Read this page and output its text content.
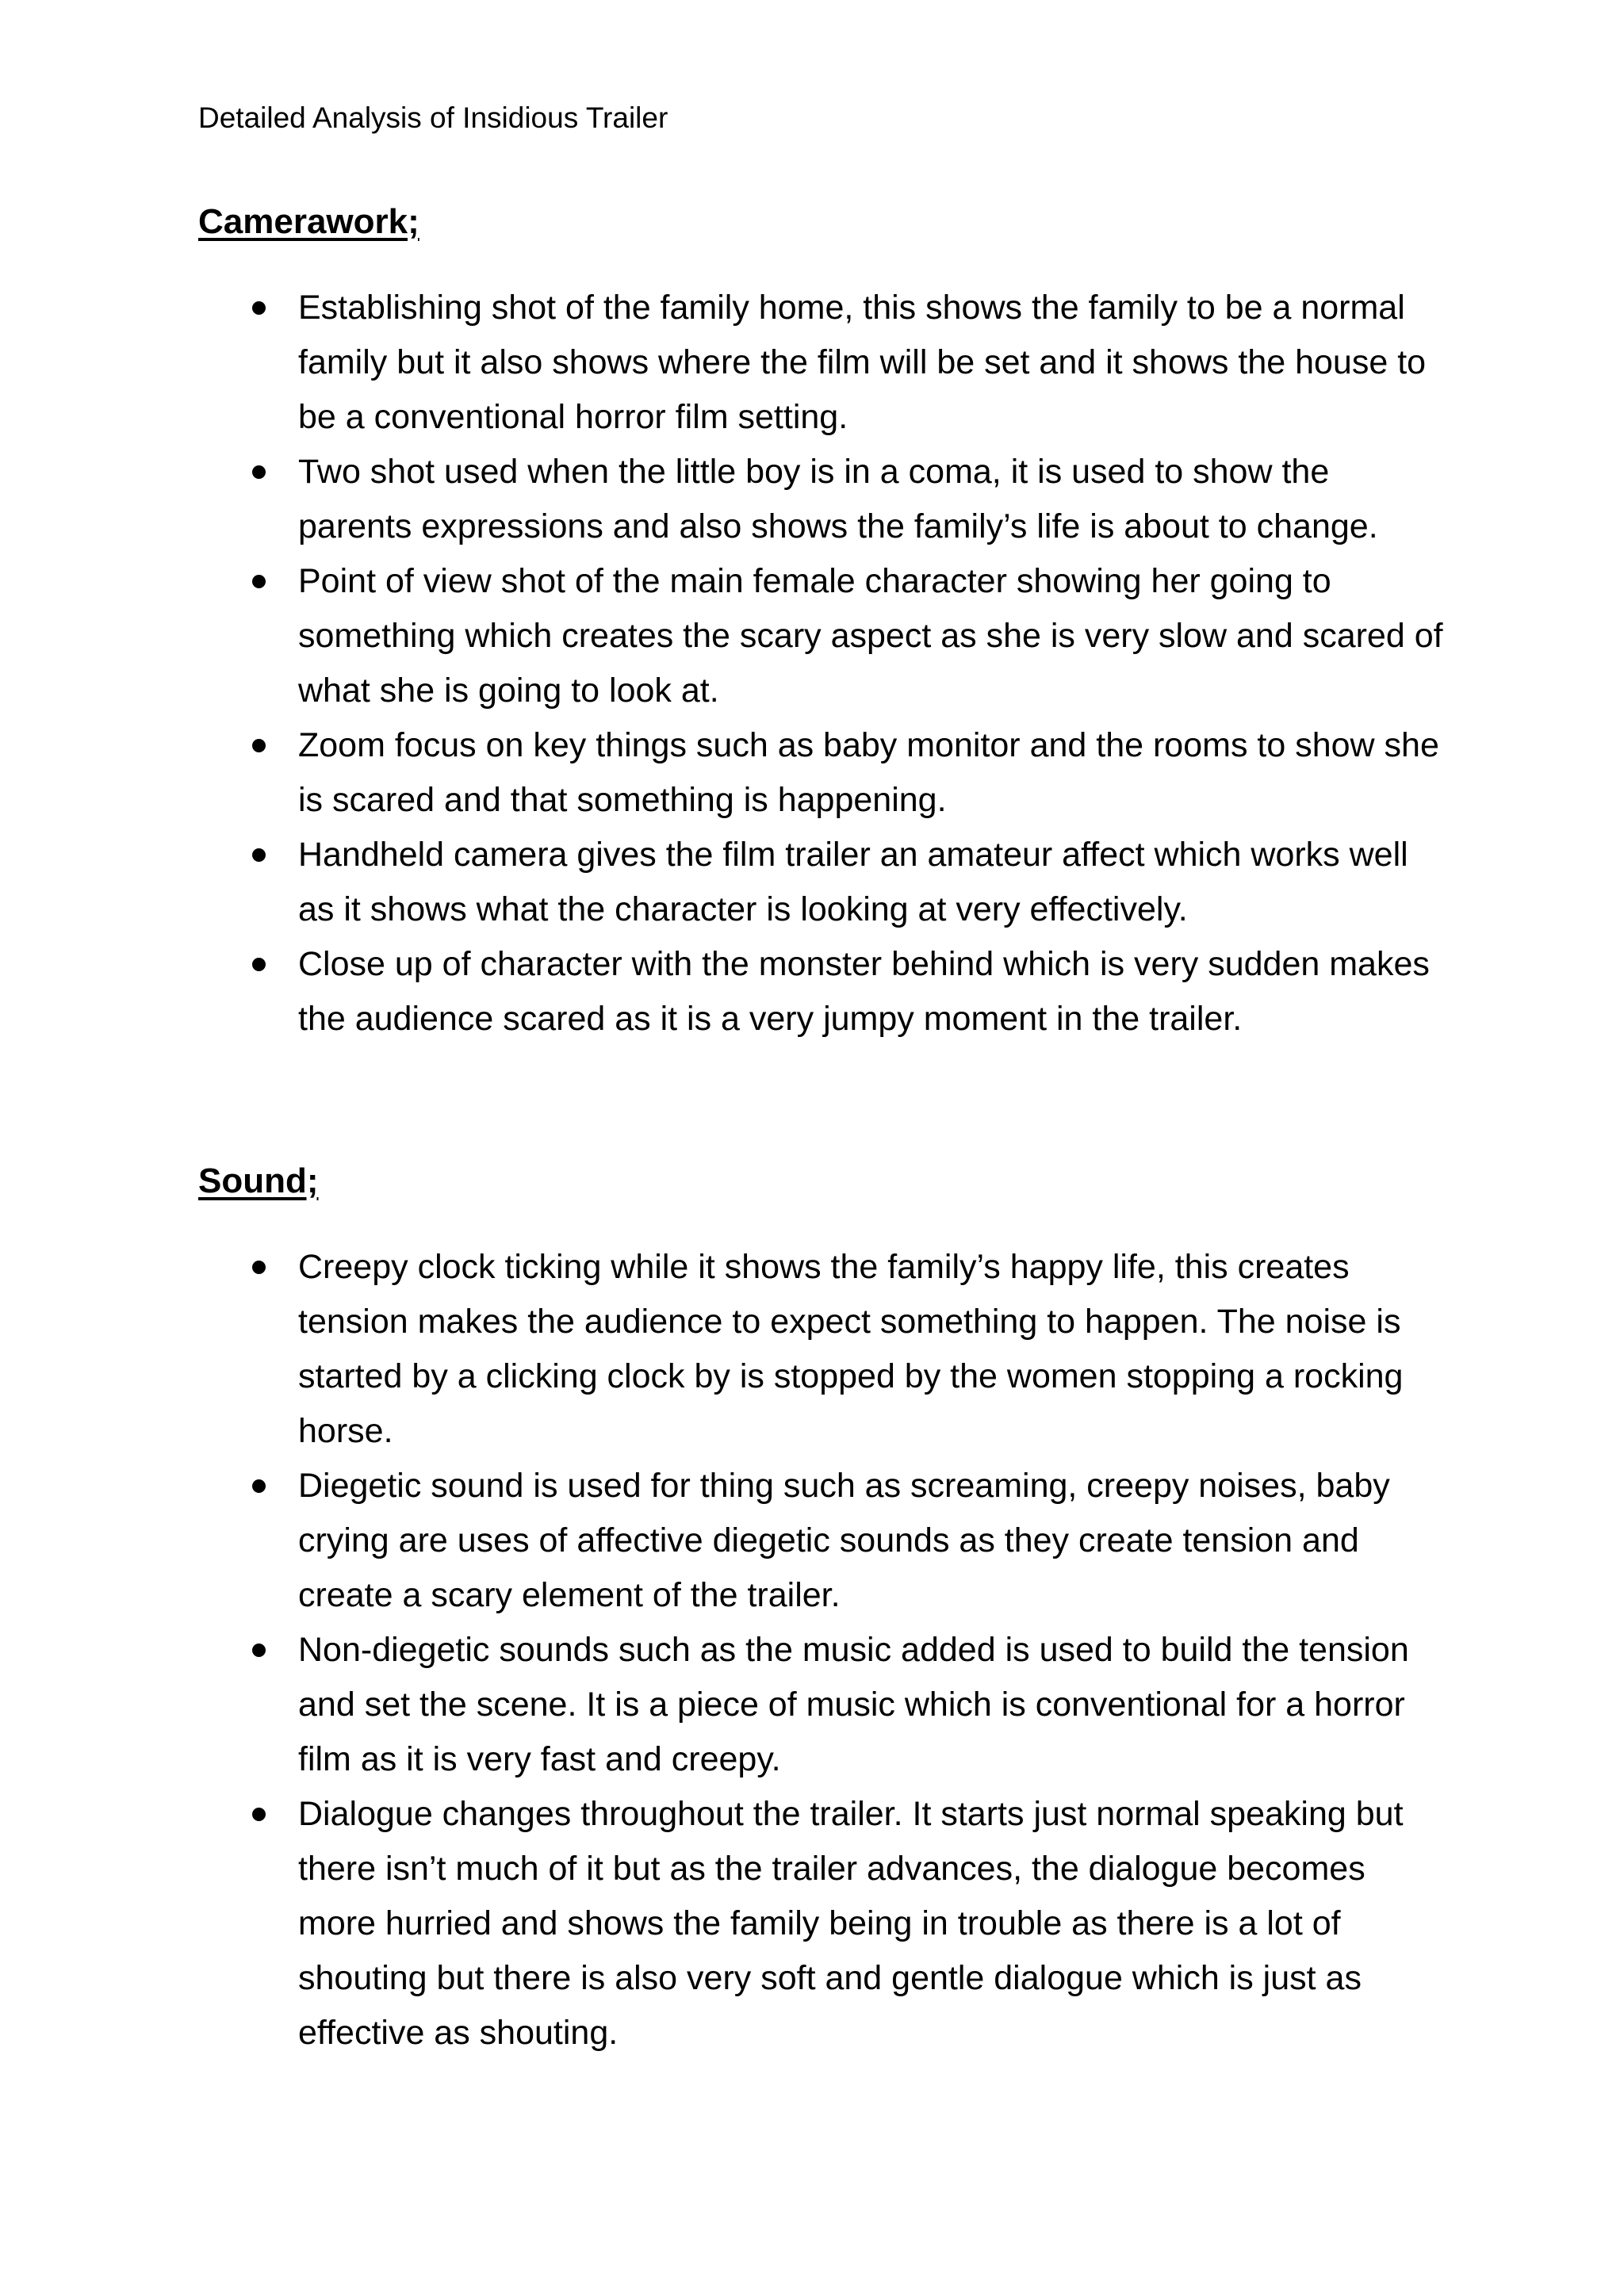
Detailed Analysis of Insidious Trailer

Camerawork;
Establishing shot of the family home, this shows the family to be a normal family but it also shows where the film will be set and it shows the house to be a conventional horror film setting.
Two shot used when the little boy is in a coma, it is used to show the parents expressions and also shows the family’s life is about to change.
Point of view shot of the main female character showing her going to something which creates the scary aspect as she is very slow and scared of what she is going to look at.
Zoom focus on key things such as baby monitor and the rooms to show she is scared and that something is happening.
Handheld camera gives the film trailer an amateur affect which works well as it shows what the character is looking at very effectively.
Close up of character with the monster behind which is very sudden makes the audience scared as it is a very jumpy moment in the trailer.
Sound;
Creepy clock ticking while it shows the family’s happy life, this creates tension makes the audience to expect something to happen. The noise is started by a clicking clock by is stopped by the women stopping a rocking horse.
Diegetic sound is used for thing such as screaming, creepy noises, baby crying are uses of affective diegetic sounds as they create tension and create a scary element of the trailer.
Non-diegetic sounds such as the music added is used to build the tension and set the scene. It is a piece of music which is conventional for a horror film as it is very fast and creepy.
Dialogue changes throughout the trailer. It starts just normal speaking but there isn’t much of it but as the trailer advances, the dialogue becomes more hurried and shows the family being in trouble as there is a lot of shouting but there is also very soft and gentle dialogue which is just as effective as shouting.
